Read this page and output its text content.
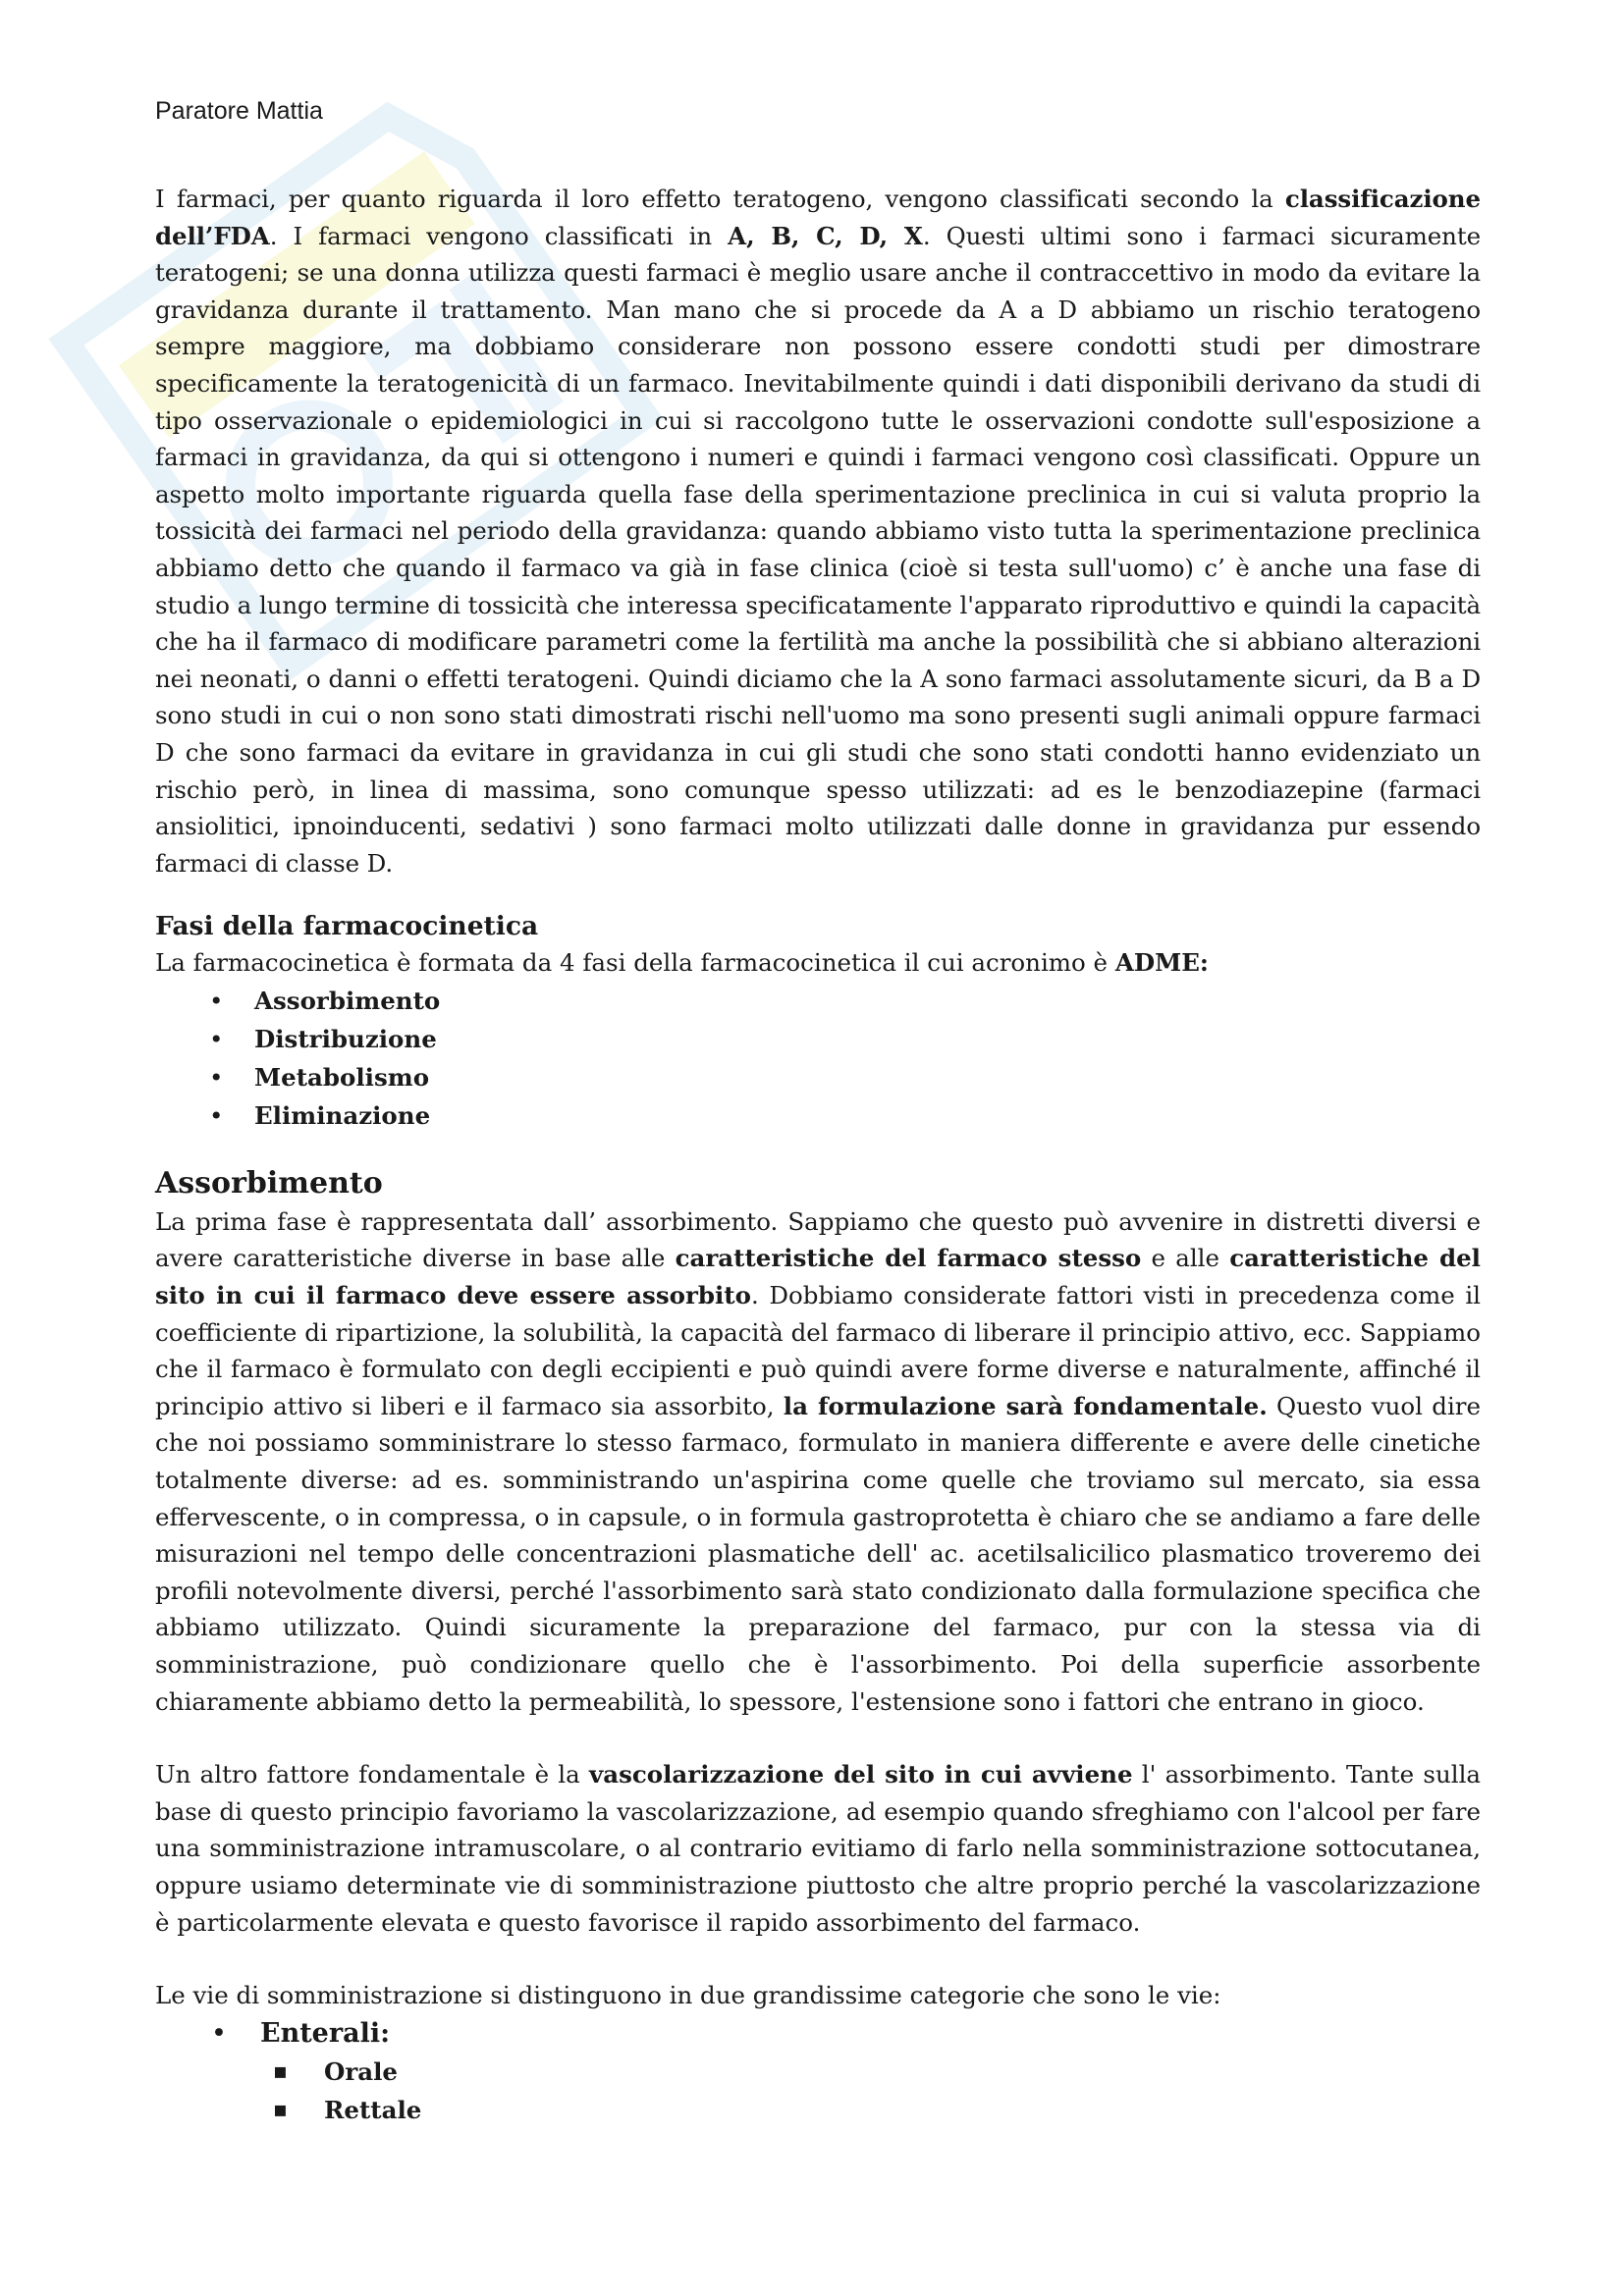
Paratore Mattia

I farmaci, per quanto riguarda il loro effetto teratogeno, vengono classificati secondo la classificazione dell’FDA. I farmaci vengono classificati in A, B, C, D, X. Questi ultimi sono i farmaci sicuramente teratogeni; se una donna utilizza questi farmaci è meglio usare anche il contraccettivo in modo da evitare la gravidanza durante il trattamento. Man mano che si procede da A a D abbiamo un rischio teratogeno sempre maggiore, ma dobbiamo considerare non possono essere condotti studi per dimostrare specificamente la teratogenicità di un farmaco. Inevitabilmente quindi i dati disponibili derivano da studi di tipo osservazionale o epidemiologici in cui si raccolgono tutte le osservazioni condotte sull'esposizione a farmaci in gravidanza, da qui si ottengono i numeri e quindi i farmaci vengono così classificati. Oppure un aspetto molto importante riguarda quella fase della sperimentazione preclinica in cui si valuta proprio la tossicità dei farmaci nel periodo della gravidanza: quando abbiamo visto tutta la sperimentazione preclinica abbiamo detto che quando il farmaco va già in fase clinica (cioè si testa sull'uomo) c’ è anche una fase di studio a lungo termine di tossicità che interessa specificatamente l'apparato riproduttivo e quindi la capacità che ha il farmaco di modificare parametri come la fertilità ma anche la possibilità che si abbiano alterazioni nei neonati, o danni o effetti teratogeni. Quindi diciamo che la A sono farmaci assolutamente sicuri, da B a D sono studi in cui o non sono stati dimostrati rischi nell'uomo ma sono presenti sugli animali oppure farmaci D che sono farmaci da evitare in gravidanza in cui gli studi che sono stati condotti hanno evidenziato un rischio però, in linea di massima, sono comunque spesso utilizzati: ad es le benzodiazepine (farmaci ansiolitici, ipnoinducenti, sedativi ) sono farmaci molto utilizzati dalle donne in gravidanza pur essendo farmaci di classe D.

Fasi della farmacocinetica

La farmacocinetica è formata da 4 fasi della farmacocinetica il cui acronimo è ADME:

• Assorbimento
• Distribuzione
• Metabolismo
• Eliminazione
Assorbimento

La prima fase è rappresentata dall’ assorbimento. Sappiamo che questo può avvenire in distretti diversi e avere caratteristiche diverse in base alle caratteristiche del farmaco stesso e alle caratteristiche del sito in cui il farmaco deve essere assorbito. Dobbiamo considerate fattori visti in precedenza come il coefficiente di ripartizione, la solubilità, la capacità del farmaco di liberare il principio attivo, ecc. Sappiamo che il farmaco è formulato con degli eccipienti e può quindi avere forme diverse e naturalmente, affinché il principio attivo si liberi e il farmaco sia assorbito, la formulazione sarà fondamentale. Questo vuol dire che noi possiamo somministrare lo stesso farmaco, formulato in maniera differente e avere delle cinetiche totalmente diverse: ad es. somministrando un'aspirina come quelle che troviamo sul mercato, sia essa effervescente, o in compressa, o in capsule, o in formula gastroprotetta è chiaro che se andiamo a fare delle misurazioni nel tempo delle concentrazioni plasmatiche dell' ac. acetilsalicilico plasmatico troveremo dei profili notevolmente diversi, perché l'assorbimento sarà stato condizionato dalla formulazione specifica che abbiamo utilizzato. Quindi sicuramente la preparazione del farmaco, pur con la stessa via di somministrazione, può condizionare quello che è l'assorbimento. Poi della superficie assorbente chiaramente abbiamo detto la permeabilità, lo spessore, l'estensione sono i fattori che entrano in gioco.

Un altro fattore fondamentale è la vascolarizzazione del sito in cui avviene l' assorbimento. Tante sulla base di questo principio favoriamo la vascolarizzazione, ad esempio quando sfreghiamo con l'alcool per fare una somministrazione intramuscolare, o al contrario evitiamo di farlo nella somministrazione sottocutanea, oppure usiamo determinate vie di somministrazione piuttosto che altre proprio perché la vascolarizzazione è particolarmente elevata e questo favorisce il rapido assorbimento del farmaco.

Le vie di somministrazione si distinguono in due grandissime categorie che sono le vie:

• Enterali:
▪ Orale
▪ Rettale
